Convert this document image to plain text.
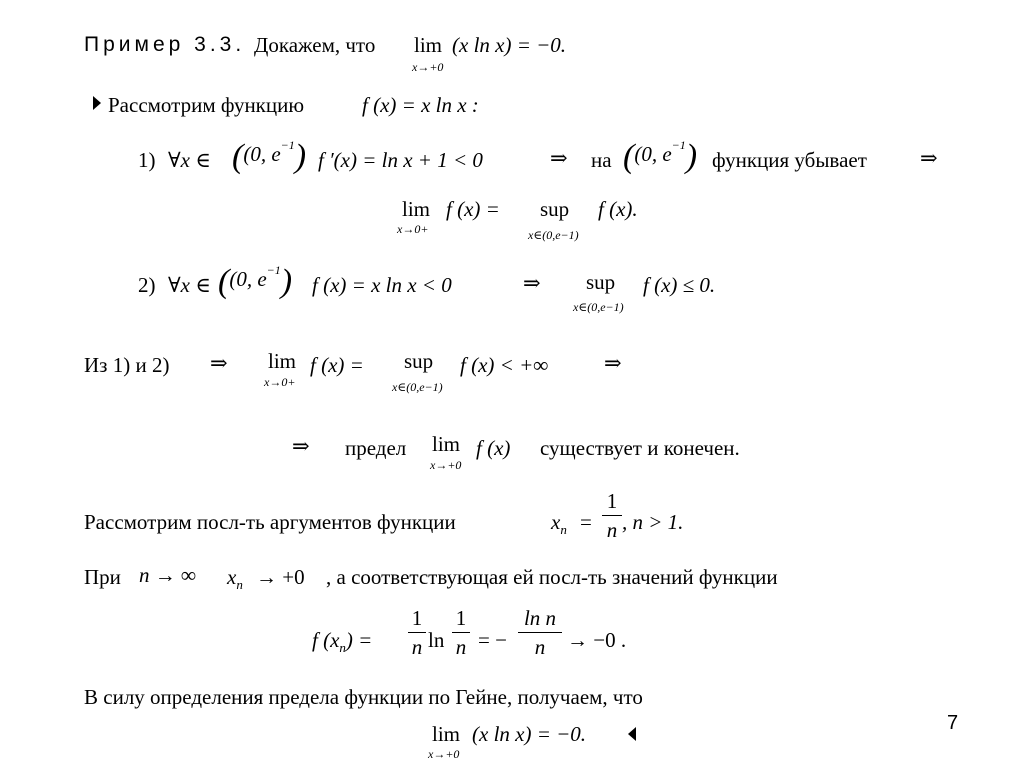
Пример 3.3. Докажем, что lim
x→+0
(x ln x) = −0.
Рассмотрим функцию	f (x) = x ln x :
1) ∀x ∈ ((0, $e^{-1}$) f ′(x) = ln x + 1 < 0	⇒ на ((0, $e^{-1}$) функция убывает	⇒
lim
x→0+
f (x) = sup
x∈(0,e−1)
f (x).
2) ∀x ∈ ((0, $e^{-1}$) f (x) = x ln x < 0	⇒ sup
x∈(0,e−1)
f (x) ≤ 0.
Из 1) и 2) ⇒ lim
x→0+
f (x) = sup
x∈(0,e−1)
f (x) < +∞	⇒
⇒ предел lim
x→+0
f (x) существует и конечен.
Рассмотрим посл-ть аргументов функции	$x_n$ =
1
n , n > 1.
При n → ∞ $x_n \to +0$ , а соответствующая ей посл-ть значений функции
f $(x_n)$ =
1
n ln
1
n = −
ln n
n	→ −0 .
В силу определения предела функции по Гейне, получаем, что
lim
x→+0
(x ln x) = −0.	7
